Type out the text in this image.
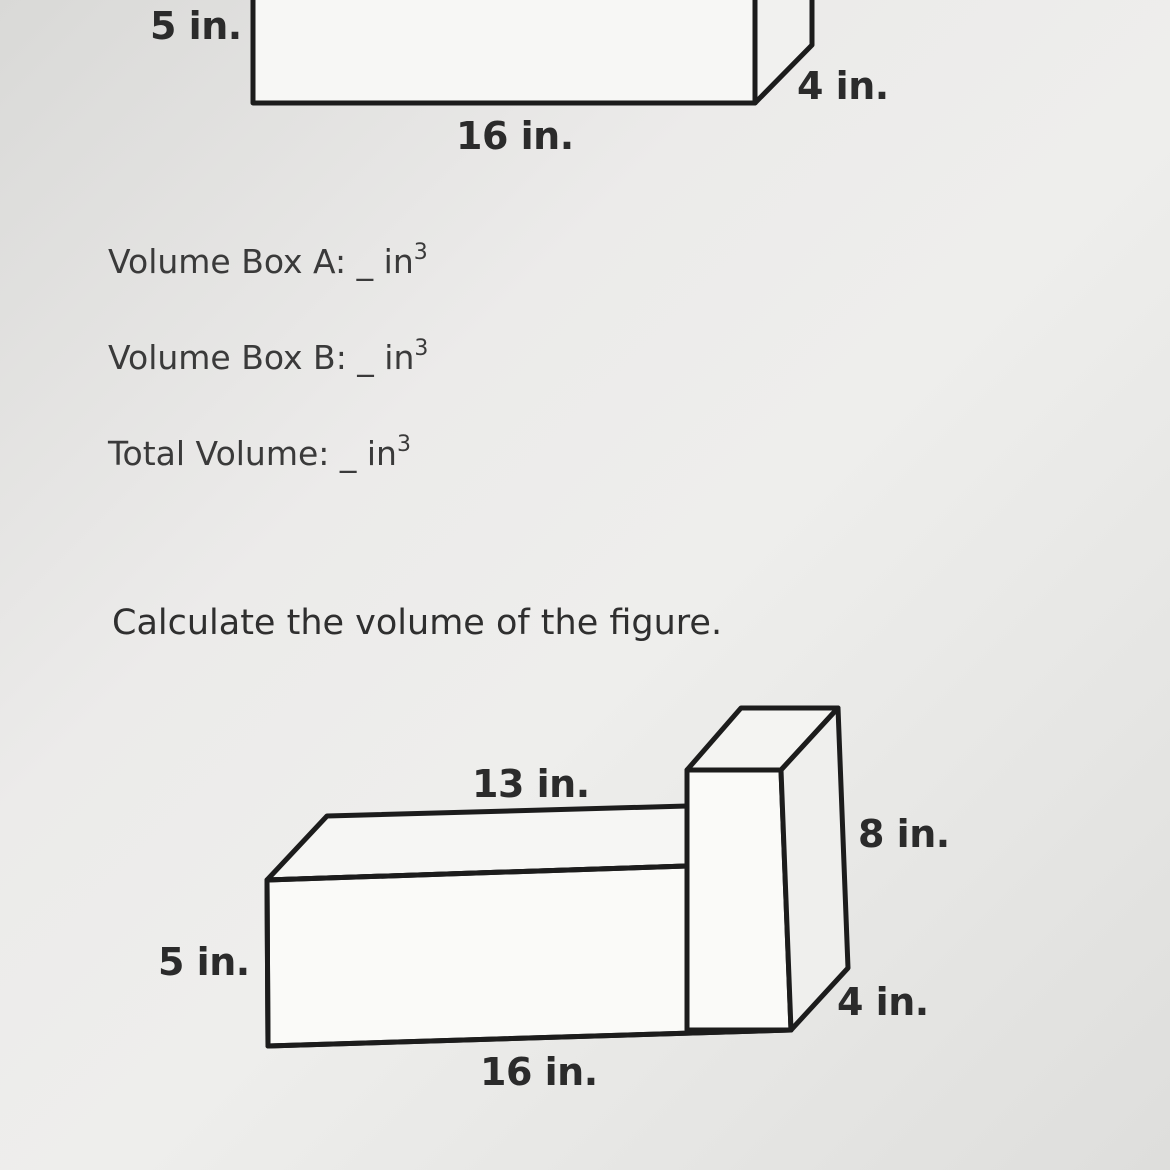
5 in.
4 in.
16 in.
Volume Box A: _ $in^3$
Volume Box B: _ $in^3$
Total Volume: _ $in^3$
Calculate the volume of the figure.
13 in.
8 in.
5 in.
4 in.
16 in.
